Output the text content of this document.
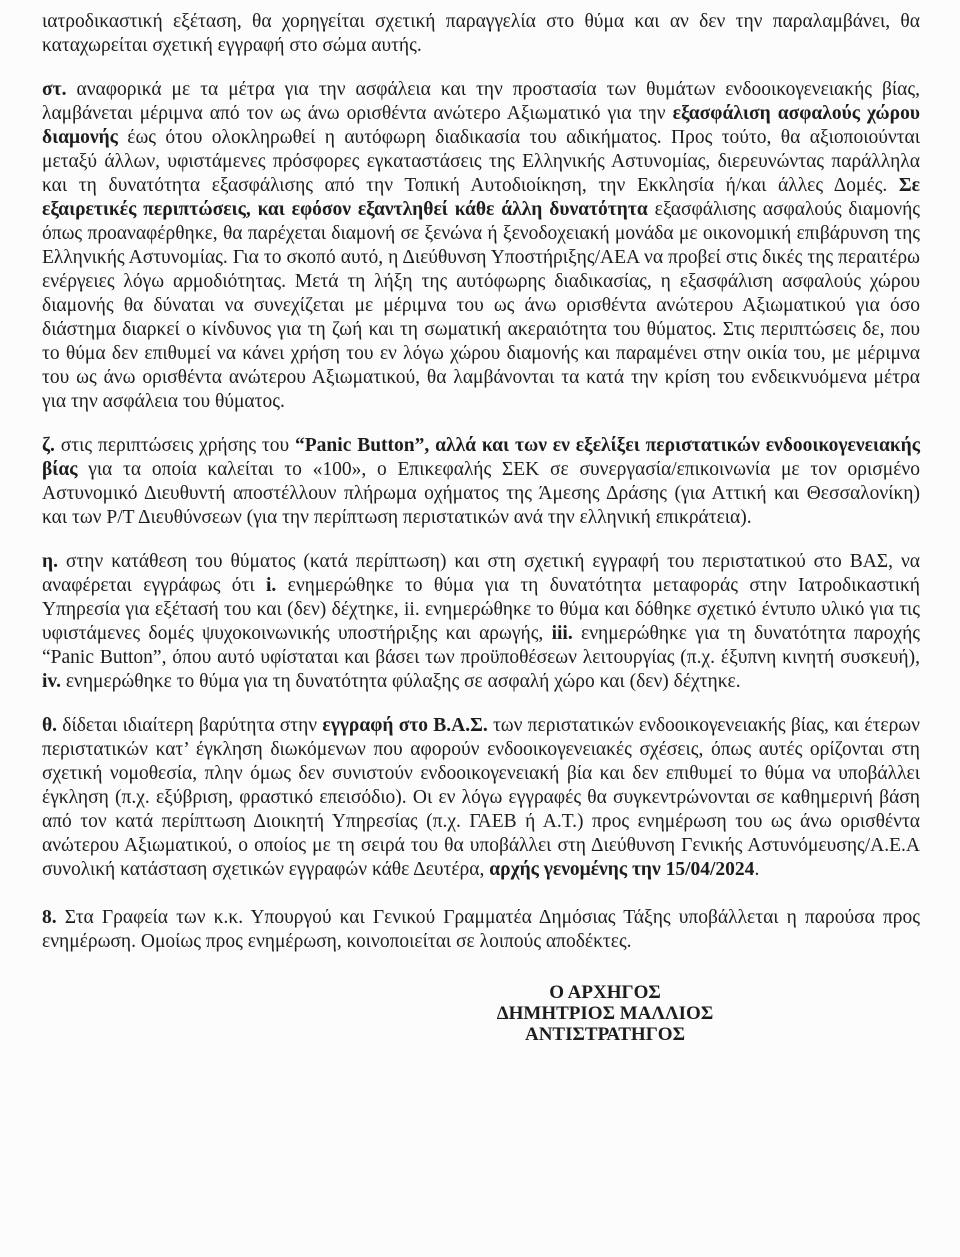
ιατροδικαστική εξέταση, θα χορηγείται σχετική παραγγελία στο θύμα και αν δεν την παραλαμβάνει, θα καταχωρείται σχετική εγγραφή στο σώμα αυτής.

στ. αναφορικά με τα μέτρα για την ασφάλεια και την προστασία των θυμάτων ενδοοικογενειακής βίας, λαμβάνεται μέριμνα από τον ως άνω ορισθέντα ανώτερο Αξιωματικό για την εξασφάλιση ασφαλούς χώρου διαμονής έως ότου ολοκληρωθεί η αυτόφωρη διαδικασία του αδικήματος. Προς τούτο, θα αξιοποιούνται μεταξύ άλλων, υφιστάμενες πρόσφορες εγκαταστάσεις της Ελληνικής Αστυνομίας, διερευνώντας παράλληλα και τη δυνατότητα εξασφάλισης από την Τοπική Αυτοδιοίκηση, την Εκκλησία ή/και άλλες Δομές. Σε εξαιρετικές περιπτώσεις, και εφόσον εξαντληθεί κάθε άλλη δυνατότητα εξασφάλισης ασφαλούς διαμονής όπως προαναφέρθηκε, θα παρέχεται διαμονή σε ξενώνα ή ξενοδοχειακή μονάδα με οικονομική επιβάρυνση της Ελληνικής Αστυνομίας. Για το σκοπό αυτό, η Διεύθυνση Υποστήριξης/ΑΕΑ να προβεί στις δικές της περαιτέρω ενέργειες λόγω αρμοδιότητας. Μετά τη λήξη της αυτόφωρης διαδικασίας, η εξασφάλιση ασφαλούς χώρου διαμονής θα δύναται να συνεχίζεται με μέριμνα του ως άνω ορισθέντα ανώτερου Αξιωματικού για όσο διάστημα διαρκεί ο κίνδυνος για τη ζωή και τη σωματική ακεραιότητα του θύματος. Στις περιπτώσεις δε, που το θύμα δεν επιθυμεί να κάνει χρήση του εν λόγω χώρου διαμονής και παραμένει στην οικία του, με μέριμνα του ως άνω ορισθέντα ανώτερου Αξιωματικού, θα λαμβάνονται τα κατά την κρίση του ενδεικνυόμενα μέτρα για την ασφάλεια του θύματος.

ζ. στις περιπτώσεις χρήσης του “Panic Button”, αλλά και των εν εξελίξει περιστατικών ενδοοικογενειακής βίας για τα οποία καλείται το «100», ο Επικεφαλής ΣΕΚ σε συνεργασία/επικοινωνία με τον ορισμένο Αστυνομικό Διευθυντή αποστέλλουν πλήρωμα οχήματος της Άμεσης Δράσης (για Αττική και Θεσσαλονίκη) και των Ρ/Τ Διευθύνσεων (για την περίπτωση περιστατικών ανά την ελληνική επικράτεια).

η. στην κατάθεση του θύματος (κατά περίπτωση) και στη σχετική εγγραφή του περιστατικού στο ΒΑΣ, να αναφέρεται εγγράφως ότι i. ενημερώθηκε το θύμα για τη δυνατότητα μεταφοράς στην Ιατροδικαστική Υπηρεσία για εξέτασή του και (δεν) δέχτηκε, ii. ενημερώθηκε το θύμα και δόθηκε σχετικό έντυπο υλικό για τις υφιστάμενες δομές ψυχοκοινωνικής υποστήριξης και αρωγής, iii. ενημερώθηκε για τη δυνατότητα παροχής “Panic Button”, όπου αυτό υφίσταται και βάσει των προϋποθέσεων λειτουργίας (π.χ. έξυπνη κινητή συσκευή), iv. ενημερώθηκε το θύμα για τη δυνατότητα φύλαξης σε ασφαλή χώρο και (δεν) δέχτηκε.

θ. δίδεται ιδιαίτερη βαρύτητα στην εγγραφή στο Β.Α.Σ. των περιστατικών ενδοοικογενειακής βίας, και έτερων περιστατικών κατ’ έγκληση διωκόμενων που αφορούν ενδοοικογενειακές σχέσεις, όπως αυτές ορίζονται στη σχετική νομοθεσία, πλην όμως δεν συνιστούν ενδοοικογενειακή βία και δεν επιθυμεί το θύμα να υποβάλλει έγκληση (π.χ. εξύβριση, φραστικό επεισόδιο). Οι εν λόγω εγγραφές θα συγκεντρώνονται σε καθημερινή βάση από τον κατά περίπτωση Διοικητή Υπηρεσίας (π.χ. ΓΑΕΒ ή Α.Τ.) προς ενημέρωση του ως άνω ορισθέντα ανώτερου Αξιωματικού, ο οποίος με τη σειρά του θα υποβάλλει στη Διεύθυνση Γενικής Αστυνόμευσης/Α.Ε.Α συνολική κατάσταση σχετικών εγγραφών κάθε Δευτέρα, αρχής γενομένης την 15/04/2024.

8. Στα Γραφεία των κ.κ. Υπουργού και Γενικού Γραμματέα Δημόσιας Τάξης υποβάλλεται η παρούσα προς ενημέρωση. Ομοίως προς ενημέρωση, κοινοποιείται σε λοιπούς αποδέκτες.

Ο ΑΡΧΗΓΟΣ
ΔΗΜΗΤΡΙΟΣ ΜΑΛΛΙΟΣ
ΑΝΤΙΣΤΡΑΤΗΓΟΣ
